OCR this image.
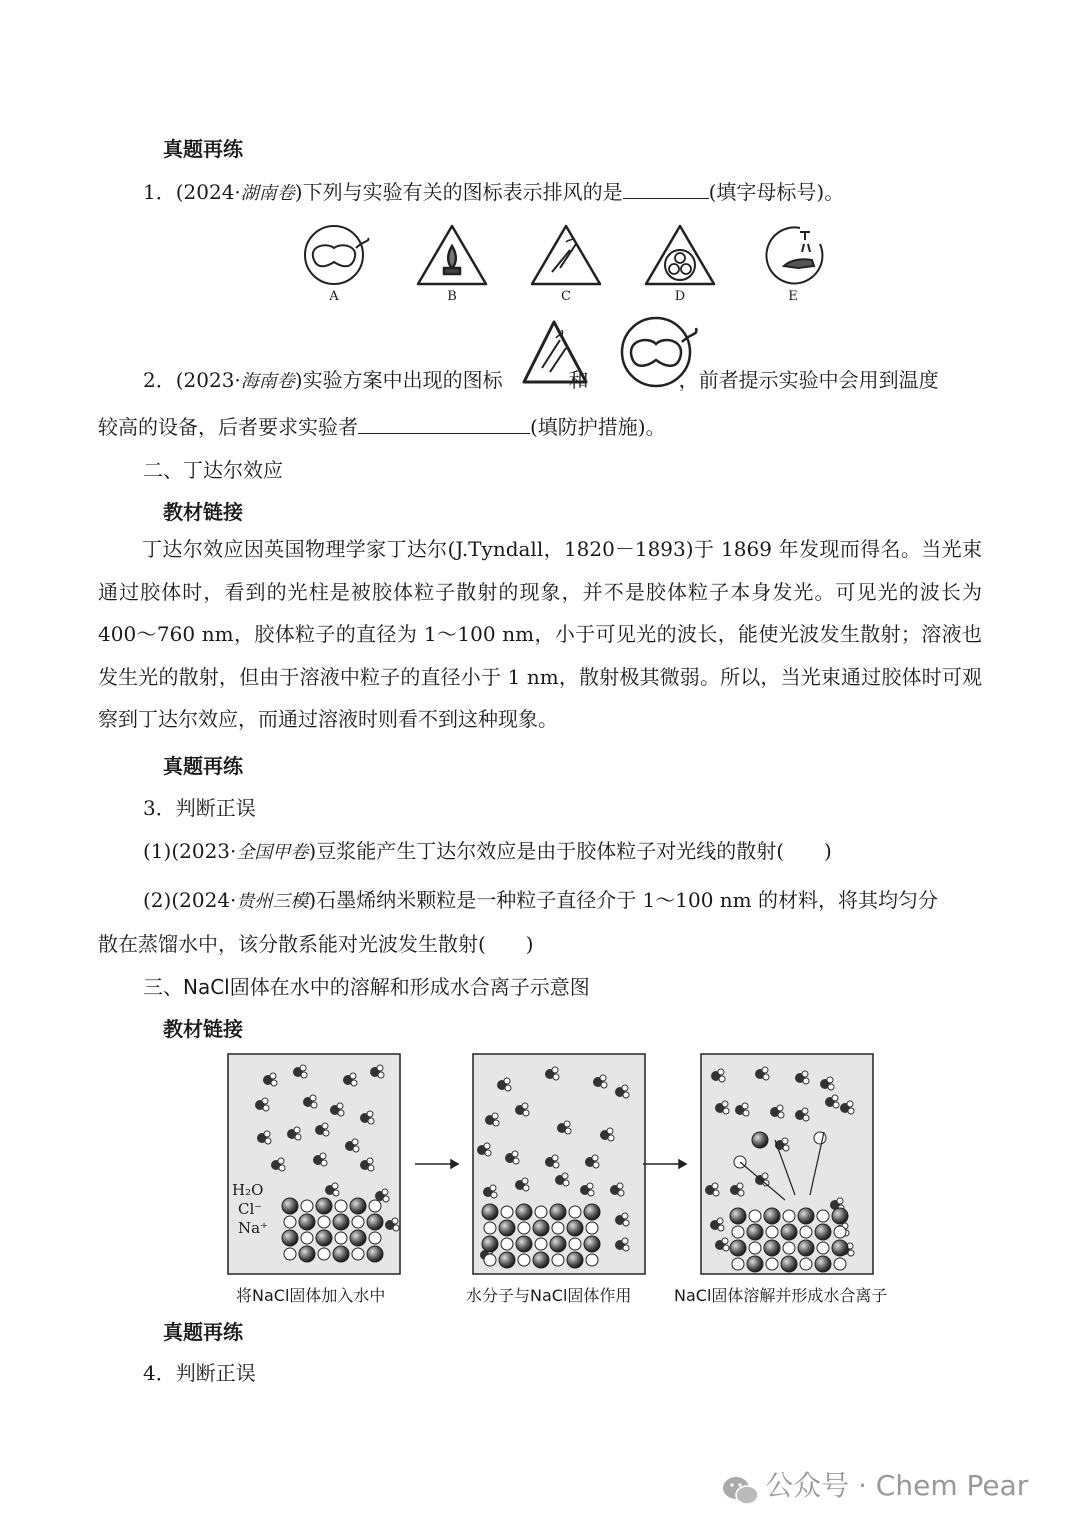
真题再练
1．(2024·湖南卷)下列与实验有关的图标表示排风的是	(填字母标号)。
A	B	C	D	E
2．(2023·海南卷)实验方案中出现的图标	和	，前者提示实验中会用到温度
较高的设备，后者要求实验者	(填防护措施)。
二、丁达尔效应
教材链接
丁达尔效应因英国物理学家丁达尔(J.Tyndall，1820－1893)于 1869 年发现而得名。当光束通过胶体时，看到的光柱是被胶体粒子散射的现象，并不是胶体粒子本身发光。可见光的波长为 400～760 nm，胶体粒子的直径为 1～100 nm，小于可见光的波长，能使光波发生散射；溶液也发生光的散射，但由于溶液中粒子的直径小于 1 nm，散射极其微弱。所以，当光束通过胶体时可观察到丁达尔效应，而通过溶液时则看不到这种现象。
真题再练
3．判断正误
(1)(2023·全国甲卷)豆浆能产生丁达尔效应是由于胶体粒子对光线的散射(　　)
(2)(2024·贵州三模)石墨烯纳米颗粒是一种粒子直径介于 1～100 nm 的材料，将其均匀分
散在蒸馏水中，该分散系能对光波发生散射(　　)
三、NaCl固体在水中的溶解和形成水合离子示意图
教材链接
H₂O
Cl⁻
Na⁺
将NaCl固体加入水中	水分子与NaCl固体作用	NaCl固体溶解并形成水合离子
真题再练
4．判断正误
公众号 · Chem Pear
